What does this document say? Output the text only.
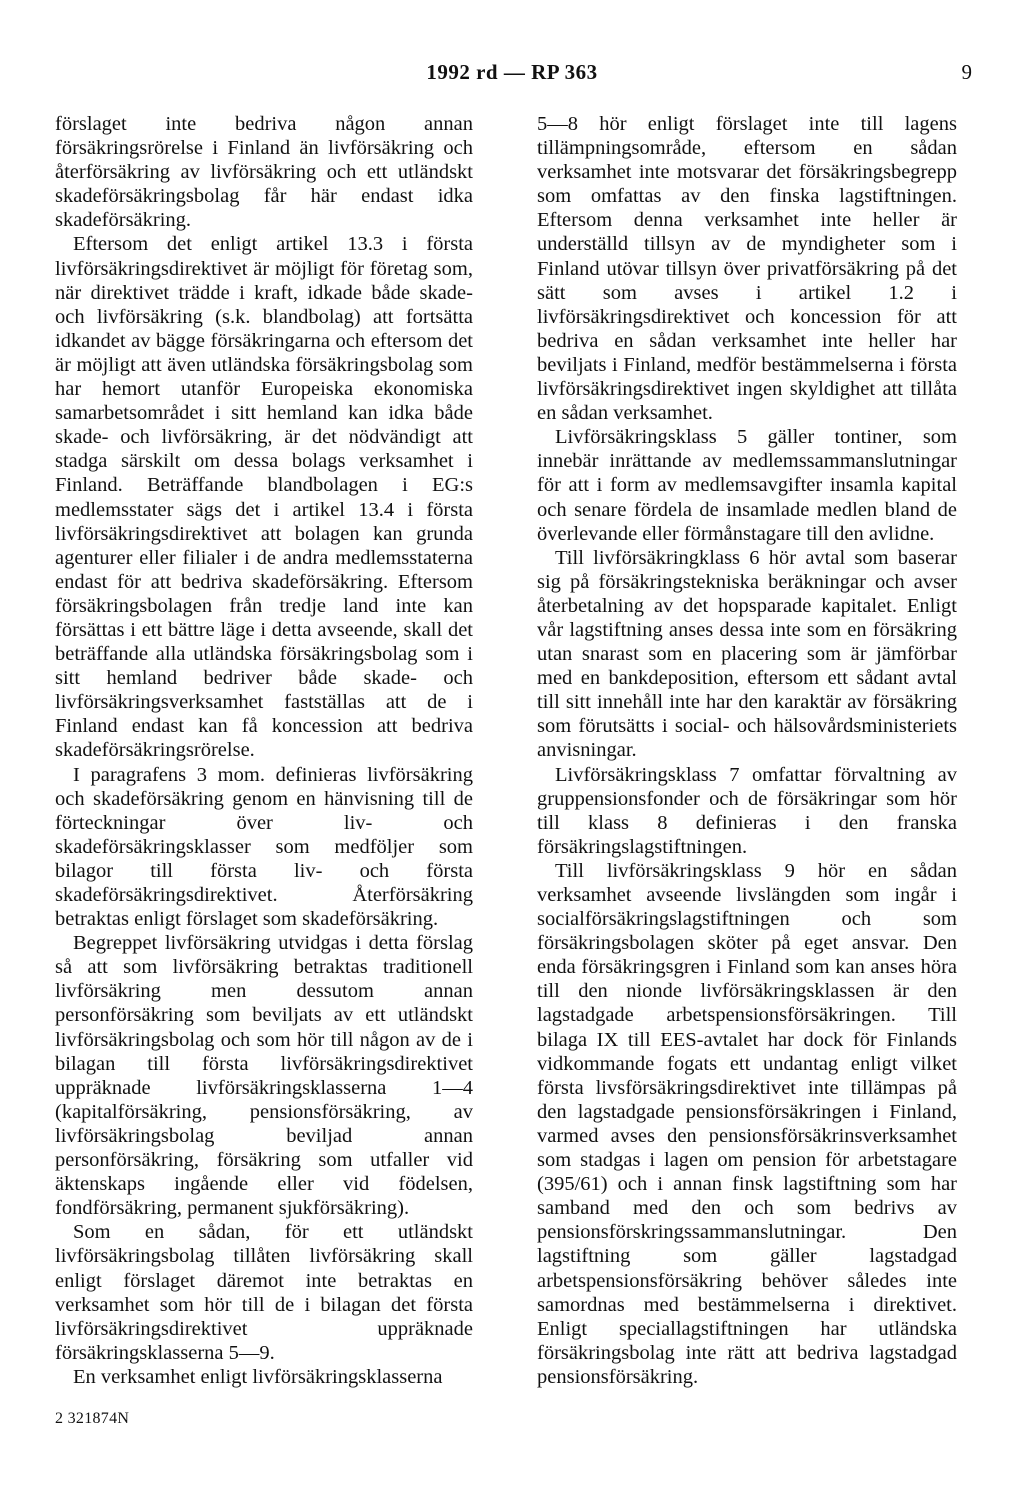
1992 rd — RP 363	9

förslaget inte bedriva någon annan försäkringsrörelse i Finland än livförsäkring och återförsäkring av livförsäkring och ett utländskt skadeförsäkringsbolag får här endast idka skadeförsäkring.

Eftersom det enligt artikel 13.3 i första livförsäkringsdirektivet är möjligt för företag som, när direktivet trädde i kraft, idkade både skade- och livförsäkring (s.k. blandbolag) att fortsätta idkandet av bägge försäkringarna och eftersom det är möjligt att även utländska försäkringsbolag som har hemort utanför Europeiska ekonomiska samarbetsområdet i sitt hemland kan idka både skade- och livförsäkring, är det nödvändigt att stadga särskilt om dessa bolags verksamhet i Finland. Beträffande blandbolagen i EG:s medlemsstater sägs det i artikel 13.4 i första livförsäkringsdirektivet att bolagen kan grunda agenturer eller filialer i de andra medlemsstaterna endast för att bedriva skadeförsäkring. Eftersom försäkringsbolagen från tredje land inte kan försättas i ett bättre läge i detta avseende, skall det beträffande alla utländska försäkringsbolag som i sitt hemland bedriver både skade- och livförsäkringsverksamhet fastställas att de i Finland endast kan få koncession att bedriva skadeförsäkringsrörelse.

I paragrafens 3 mom. definieras livförsäkring och skadeförsäkring genom en hänvisning till de förteckningar över liv- och skadeförsäkringsklasser som medföljer som bilagor till första liv- och första skadeförsäkringsdirektivet. Återförsäkring betraktas enligt förslaget som skadeförsäkring.

Begreppet livförsäkring utvidgas i detta förslag så att som livförsäkring betraktas traditionell livförsäkring men dessutom annan personförsäkring som beviljats av ett utländskt livförsäkringsbolag och som hör till någon av de i bilagan till första livförsäkringsdirektivet uppräknade livförsäkringsklasserna 1—4 (kapitalförsäkring, pensionsförsäkring, av livförsäkringsbolag beviljad annan personförsäkring, försäkring som utfaller vid äktenskaps ingående eller vid födelsen, fondförsäkring, permanent sjukförsäkring).

Som en sådan, för ett utländskt livförsäkringsbolag tillåten livförsäkring skall enligt förslaget däremot inte betraktas en verksamhet som hör till de i bilagan det första livförsäkringsdirektivet uppräknade försäkringsklasserna 5—9.

En verksamhet enligt livförsäkringsklasserna

5—8 hör enligt förslaget inte till lagens tillämpningsområde, eftersom en sådan verksamhet inte motsvarar det försäkringsbegrepp som omfattas av den finska lagstiftningen. Eftersom denna verksamhet inte heller är underställd tillsyn av de myndigheter som i Finland utövar tillsyn över privatförsäkring på det sätt som avses i artikel 1.2 i livförsäkringsdirektivet och koncession för att bedriva en sådan verksamhet inte heller har beviljats i Finland, medför bestämmelserna i första livförsäkringsdirektivet ingen skyldighet att tillåta en sådan verksamhet.

Livförsäkringsklass 5 gäller tontiner, som innebär inrättande av medlemssammanslutningar för att i form av medlemsavgifter insamla kapital och senare fördela de insamlade medlen bland de överlevande eller förmånstagare till den avlidne.

Till livförsäkringklass 6 hör avtal som baserar sig på försäkringstekniska beräkningar och avser återbetalning av det hopsparade kapitalet. Enligt vår lagstiftning anses dessa inte som en försäkring utan snarast som en placering som är jämförbar med en bankdeposition, eftersom ett sådant avtal till sitt innehåll inte har den karaktär av försäkring som förutsätts i social- och hälsovårdsministeriets anvisningar.

Livförsäkringsklass 7 omfattar förvaltning av gruppensionsfonder och de försäkringar som hör till klass 8 definieras i den franska försäkringslagstiftningen.

Till livförsäkringsklass 9 hör en sådan verksamhet avseende livslängden som ingår i socialförsäkringslagstiftningen och som försäkringsbolagen sköter på eget ansvar. Den enda försäkringsgren i Finland som kan anses höra till den nionde livförsäkringsklassen är den lagstadgade arbetspensionsförsäkringen. Till bilaga IX till EES-avtalet har dock för Finlands vidkommande fogats ett undantag enligt vilket första livsförsäkringsdirektivet inte tillämpas på den lagstadgade pensionsförsäkringen i Finland, varmed avses den pensionsförsäkrinsverksamhet som stadgas i lagen om pension för arbetstagare (395/61) och i annan finsk lagstiftning som har samband med den och som bedrivs av pensionsförskringssammanslutningar. Den lagstiftning som gäller lagstadgad arbetspensionsförsäkring behöver således inte samordnas med bestämmelserna i direktivet. Enligt speciallagstiftningen har utländska försäkringsbolag inte rätt att bedriva lagstadgad pensionsförsäkring.

2 321874N
